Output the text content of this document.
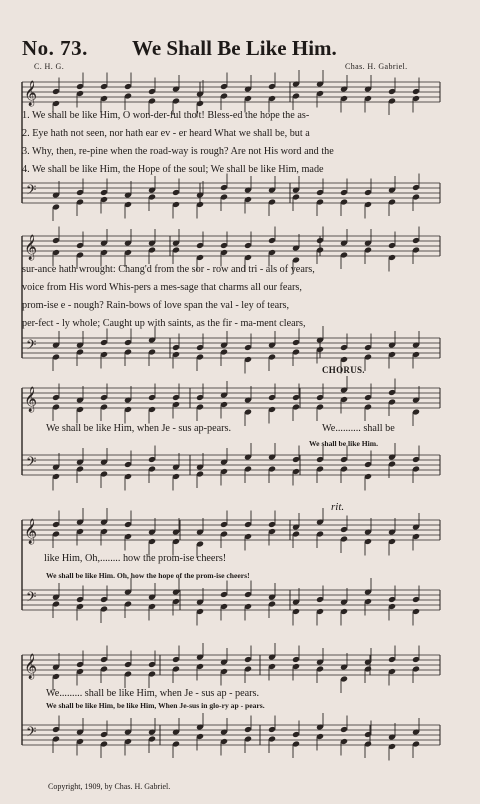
No. 73. We Shall Be Like Him.
C. H. G.	Chas. H. Gabriel.
𝄞
𝄢
𝄞
𝄢
𝄞
𝄢
𝄞
𝄢
𝄞
𝄢
1. We shall be like Him, O won-der-ful tho't! Bless-ed the hope the as-
2. Eye hath not seen, nor hath ear ev - er heard What we shall be, but a
3. Why, then, re-pine when the road-way is rough? Are not His word and the
4. We shall be like Him, the Hope of the soul; We shall be like Him, made
sur-ance hath wrought: Chang'd from the sor - row and tri - als of years,
voice from His word Whis-pers a mes-sage that charms all our fears,
prom-ise e - nough? Rain-bows of love span the val - ley of tears,
per-fect - ly whole; Caught up with saints, as the fir - ma-ment clears,
CHORUS.
We shall be like Him, when Je - sus ap-pears.	We.......... shall be
We shall be like Him.
rit.
like Him, Oh,........ how the prom-ise cheers!
We shall be like Him. Oh, how the hope of the prom-ise cheers!
We......... shall be like Him, when Je - sus ap - pears.
We shall be like Him, be like Him, When Je-sus in glo-ry ap - pears.
Copyright, 1909, by Chas. H. Gabriel.
